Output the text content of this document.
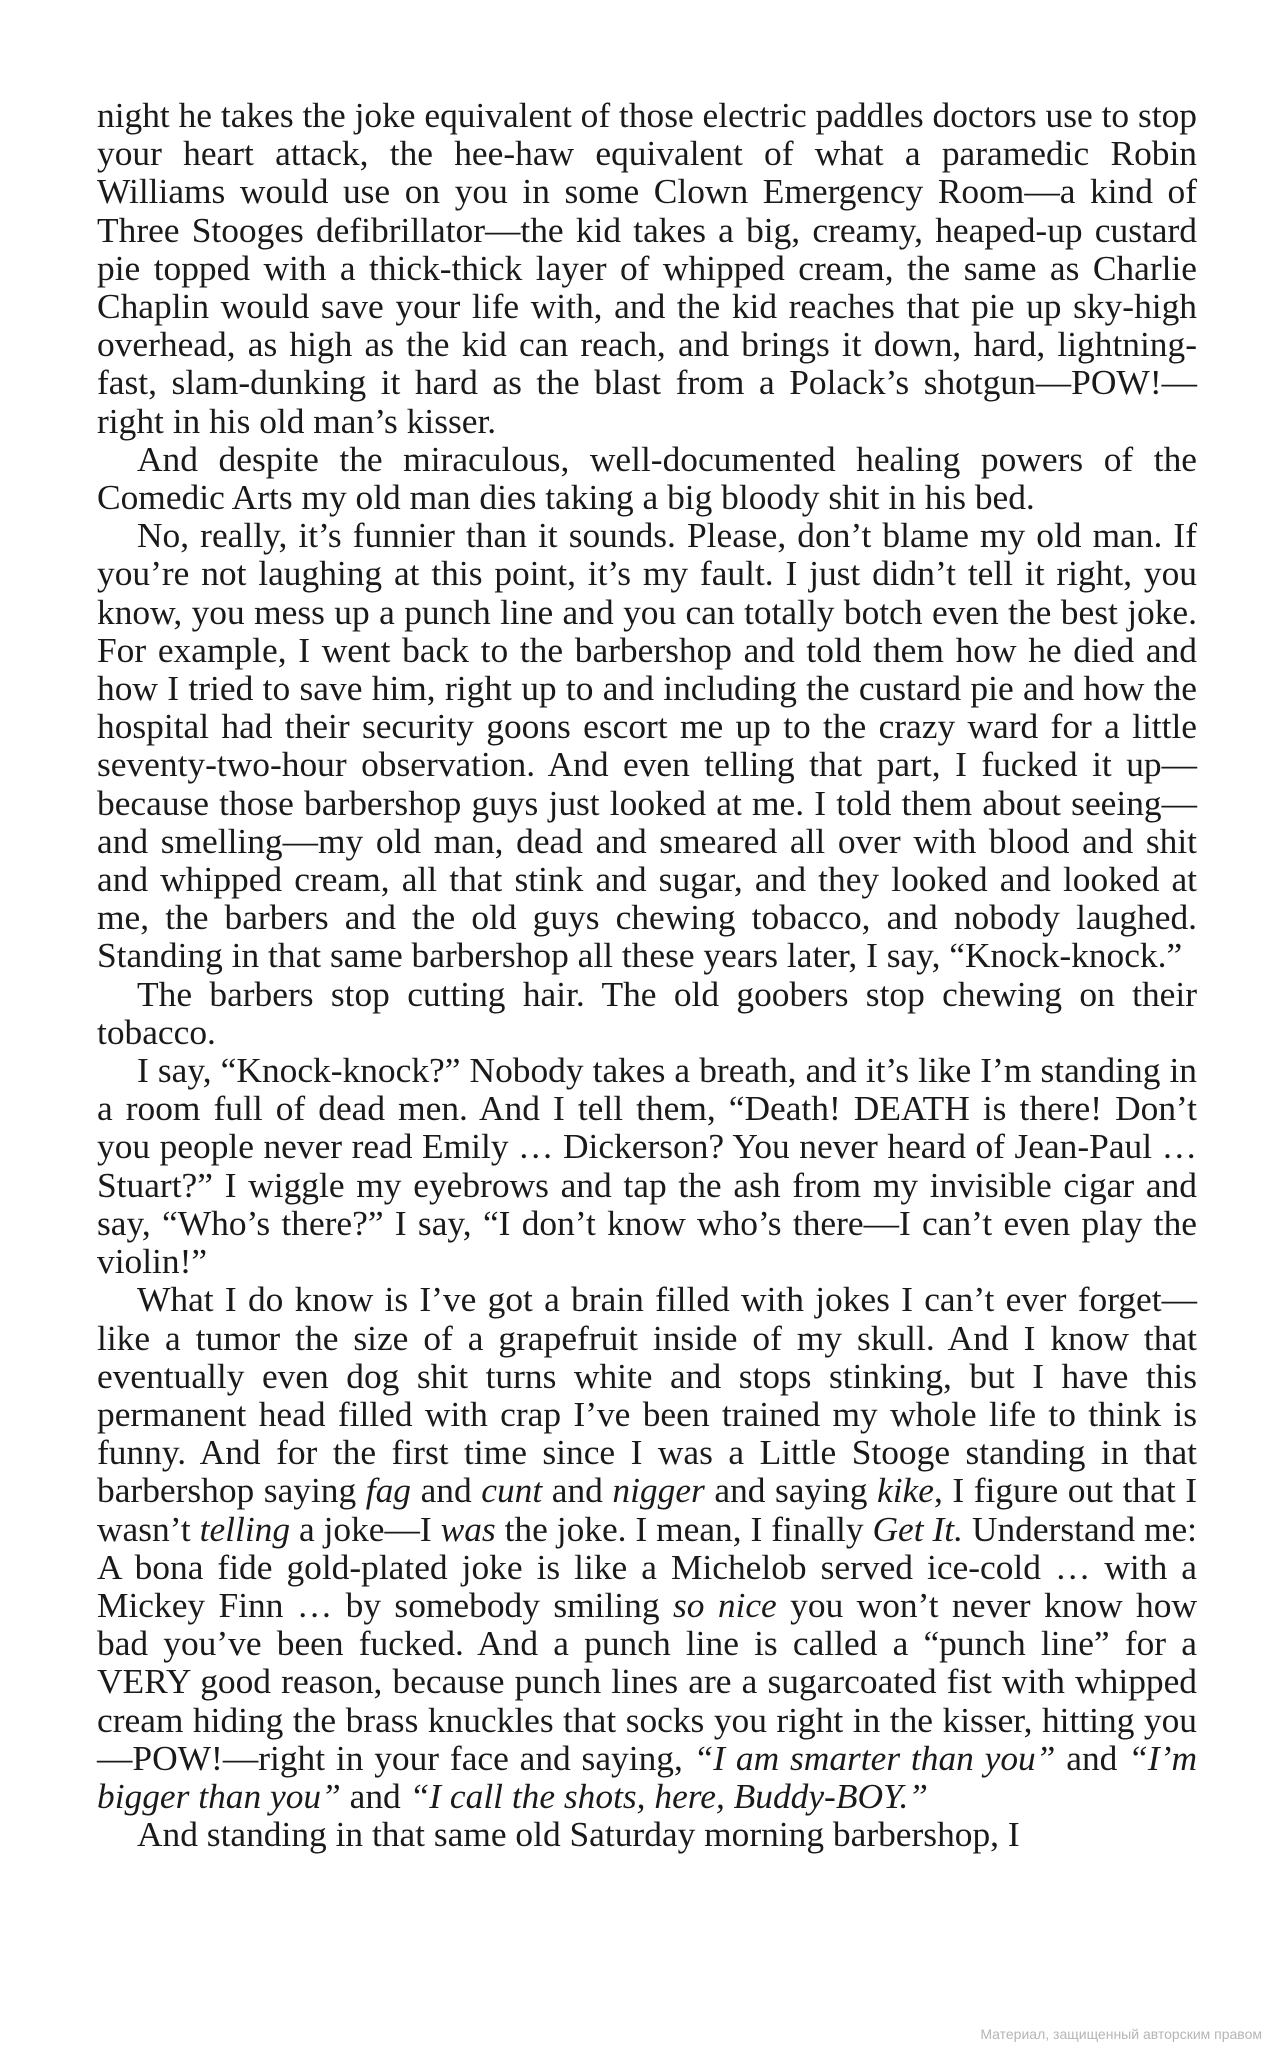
night he takes the joke equivalent of those electric paddles doctors use to stop your heart attack, the hee-haw equivalent of what a paramedic Robin Williams would use on you in some Clown Emergency Room—a kind of Three Stooges defibrillator—the kid takes a big, creamy, heaped-up custard pie topped with a thick-thick layer of whipped cream, the same as Charlie Chaplin would save your life with, and the kid reaches that pie up sky-high overhead, as high as the kid can reach, and brings it down, hard, lightning-fast, slam-dunking it hard as the blast from a Polack’s shotgun—POW!—right in his old man’s kisser.

And despite the miraculous, well-documented healing powers of the Comedic Arts my old man dies taking a big bloody shit in his bed.

No, really, it’s funnier than it sounds. Please, don’t blame my old man. If you’re not laughing at this point, it’s my fault. I just didn’t tell it right, you know, you mess up a punch line and you can totally botch even the best joke. For example, I went back to the barbershop and told them how he died and how I tried to save him, right up to and including the custard pie and how the hospital had their security goons escort me up to the crazy ward for a little seventy-two-hour observation. And even telling that part, I fucked it up—because those barbershop guys just looked at me. I told them about seeing—and smelling—my old man, dead and smeared all over with blood and shit and whipped cream, all that stink and sugar, and they looked and looked at me, the barbers and the old guys chewing tobacco, and nobody laughed. Standing in that same barbershop all these years later, I say, “Knock-knock.”

The barbers stop cutting hair. The old goobers stop chewing on their tobacco.

I say, “Knock-knock?” Nobody takes a breath, and it’s like I’m standing in a room full of dead men. And I tell them, “Death! DEATH is there! Don’t you people never read Emily … Dickerson? You never heard of Jean-Paul … Stuart?” I wiggle my eyebrows and tap the ash from my invisible cigar and say, “Who’s there?” I say, “I don’t know who’s there—I can’t even play the violin!”

What I do know is I’ve got a brain filled with jokes I can’t ever forget—like a tumor the size of a grapefruit inside of my skull. And I know that eventually even dog shit turns white and stops stinking, but I have this permanent head filled with crap I’ve been trained my whole life to think is funny. And for the first time since I was a Little Stooge standing in that barbershop saying fag and cunt and nigger and saying kike, I figure out that I wasn’t telling a joke—I was the joke. I mean, I finally Get It. Understand me: A bona fide gold-plated joke is like a Michelob served ice-cold … with a Mickey Finn … by somebody smiling so nice you won’t never know how bad you’ve been fucked. And a punch line is called a “punch line” for a VERY good reason, because punch lines are a sugarcoated fist with whipped cream hiding the brass knuckles that socks you right in the kisser, hitting you—POW!—right in your face and saying, “I am smarter than you” and “I’m bigger than you” and “I call the shots, here, Buddy-BOY.”

And standing in that same old Saturday morning barbershop, I

Материал, защищенный авторским правом
